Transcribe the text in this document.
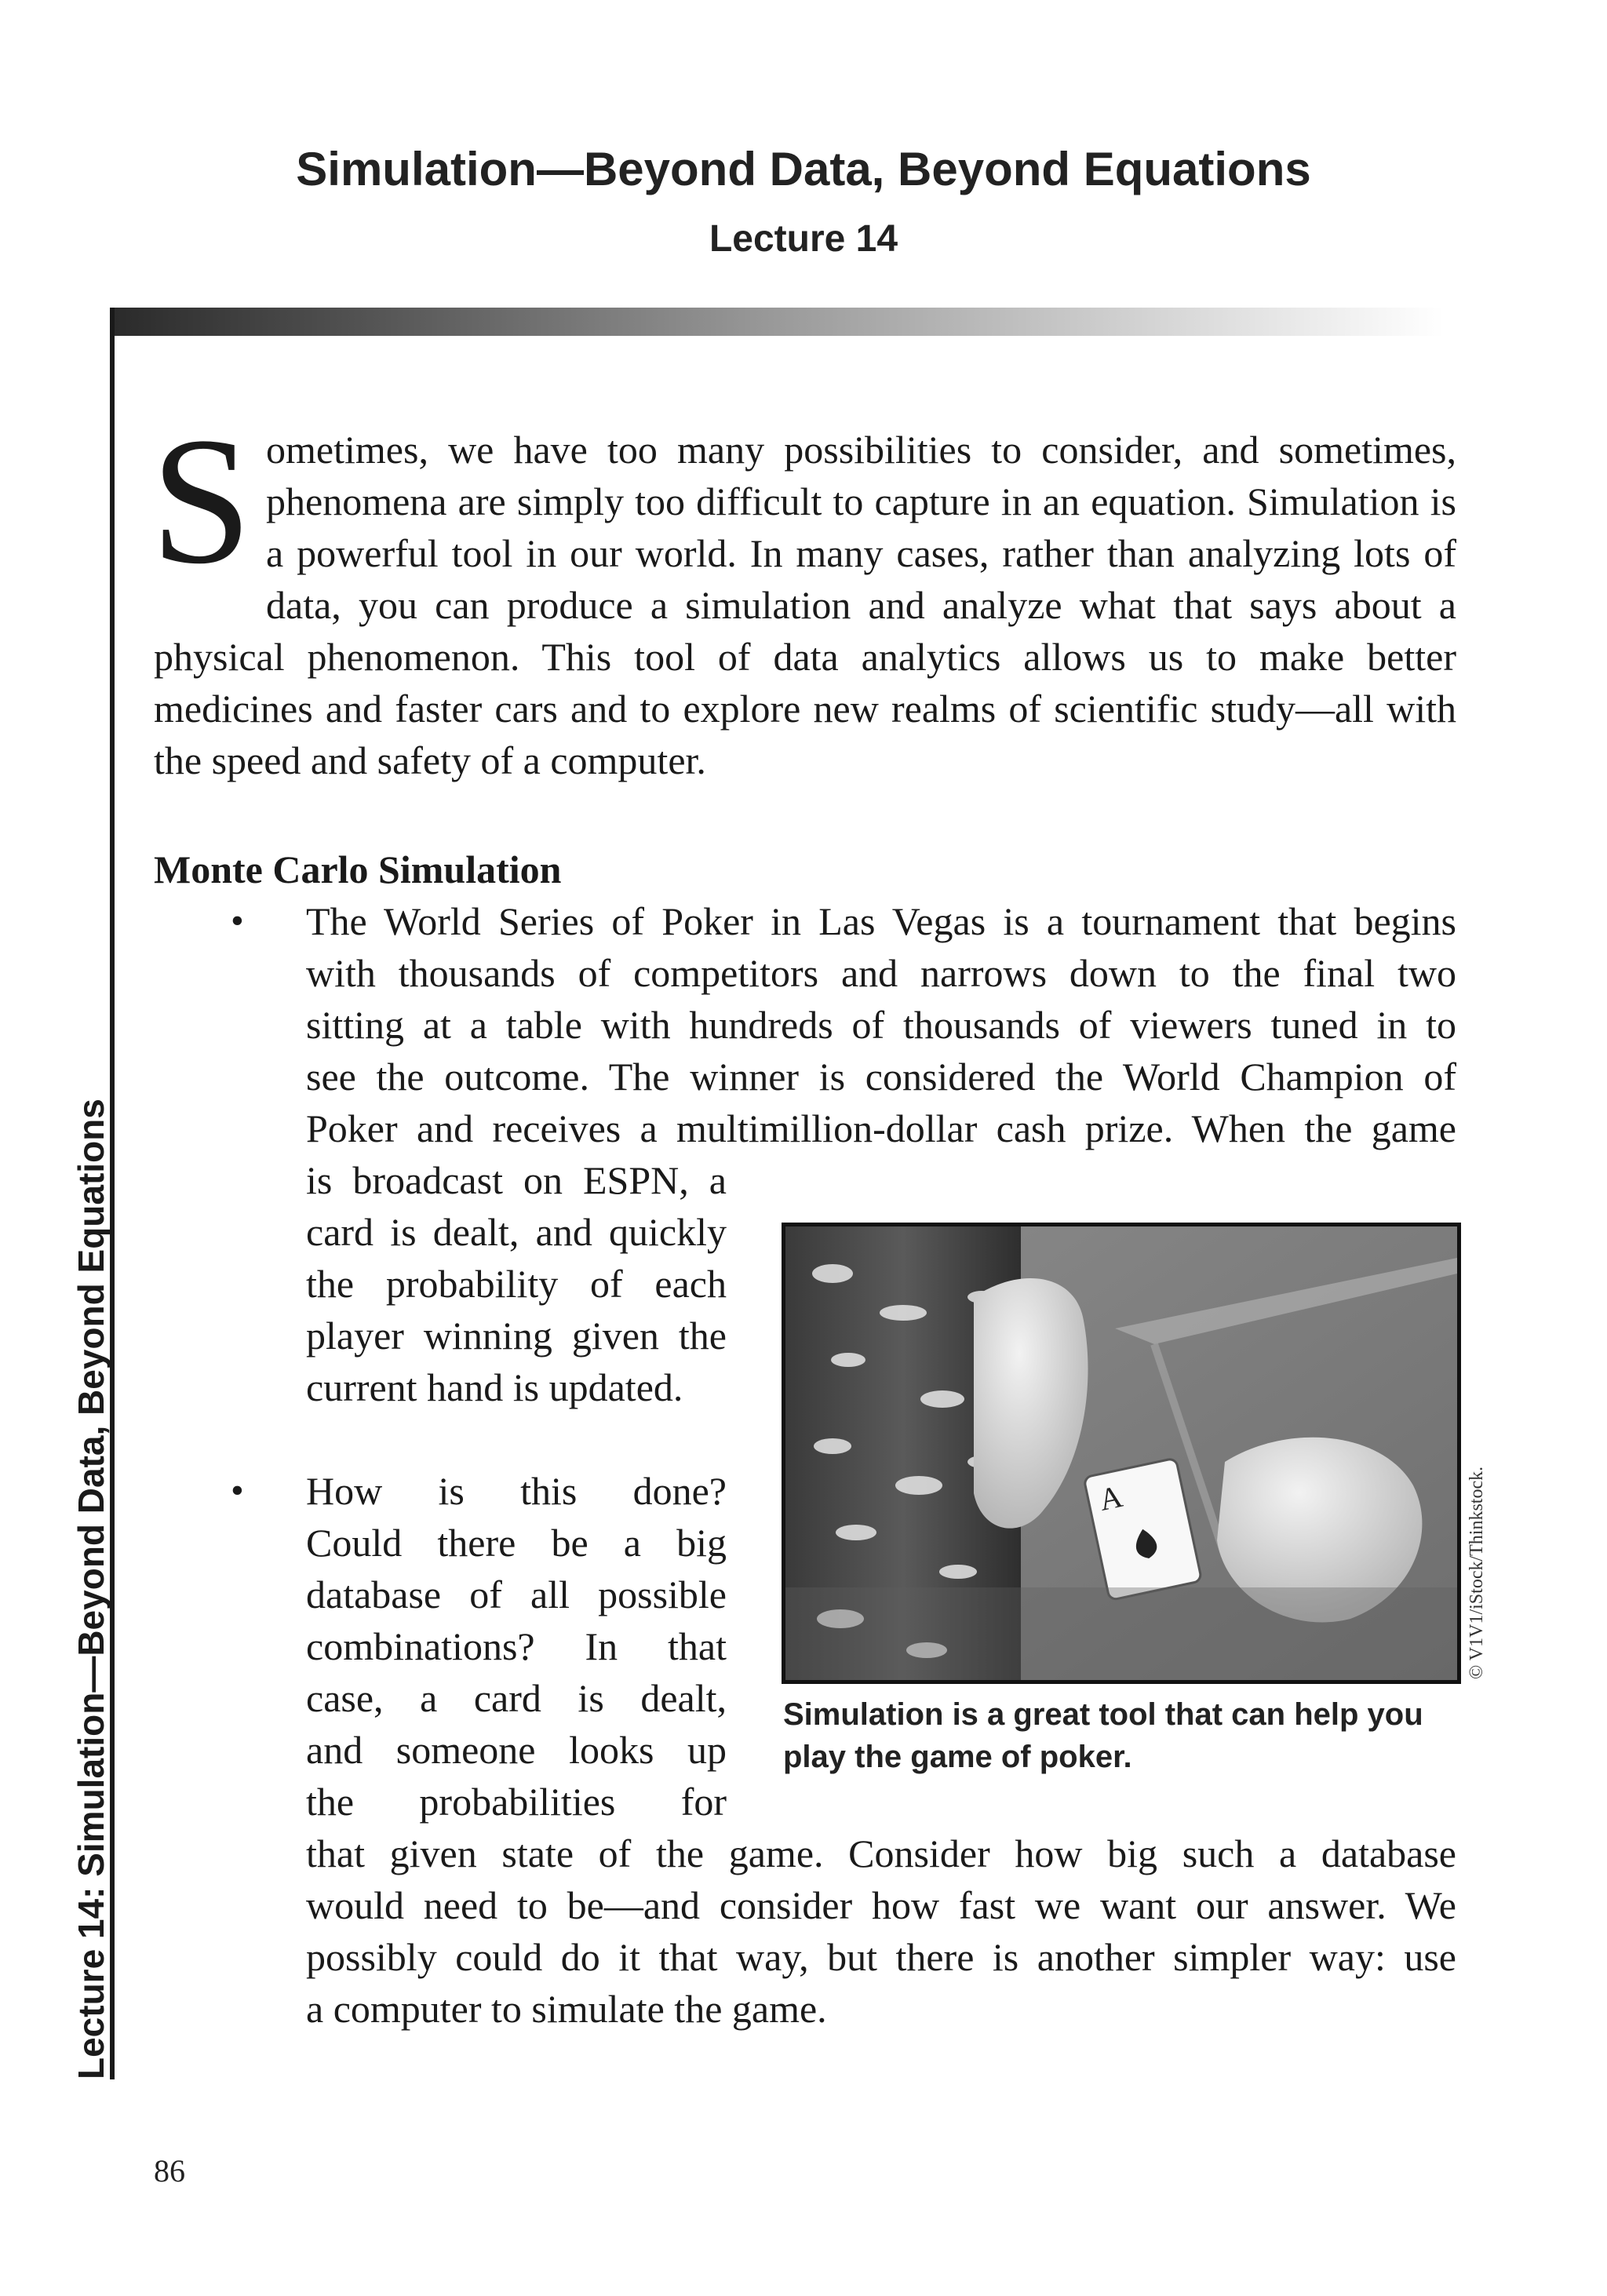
Simulation—Beyond Data, Beyond Equations
Lecture 14
Lecture 14: Simulation—Beyond Data, Beyond Equations
Sometimes, we have too many possibilities to consider, and sometimes, phenomena are simply too difficult to capture in an equation. Simulation is a powerful tool in our world. In many cases, rather than analyzing lots of data, you can produce a simulation and analyze what that says about a physical phenomenon. This tool of data analytics allows us to make better medicines and faster cars and to explore new realms of scientific study—all with the speed and safety of a computer.
Monte Carlo Simulation
• The World Series of Poker in Las Vegas is a tournament that begins
with thousands of competitors and narrows down to the final two
sitting at a table with hundreds of thousands of viewers tuned in to
see the outcome. The winner is considered the World Champion of
Poker and receives a multimillion-dollar cash prize. When the game
is broadcast on ESPN, a
card is dealt, and quickly
the probability of each
player winning given the
current hand is updated.
• How is this done?
Could there be a big
database of all possible
combinations? In that
case, a card is dealt,
and someone looks up
the probabilities for
that given state of the game. Consider how big such a database
would need to be—and consider how fast we want our answer. We
possibly could do it that way, but there is another simpler way: use
a computer to simulate the game.
A
Simulation is a great tool that can help you play the game of poker.
© V1V1/iStock/Thinkstock.
86
